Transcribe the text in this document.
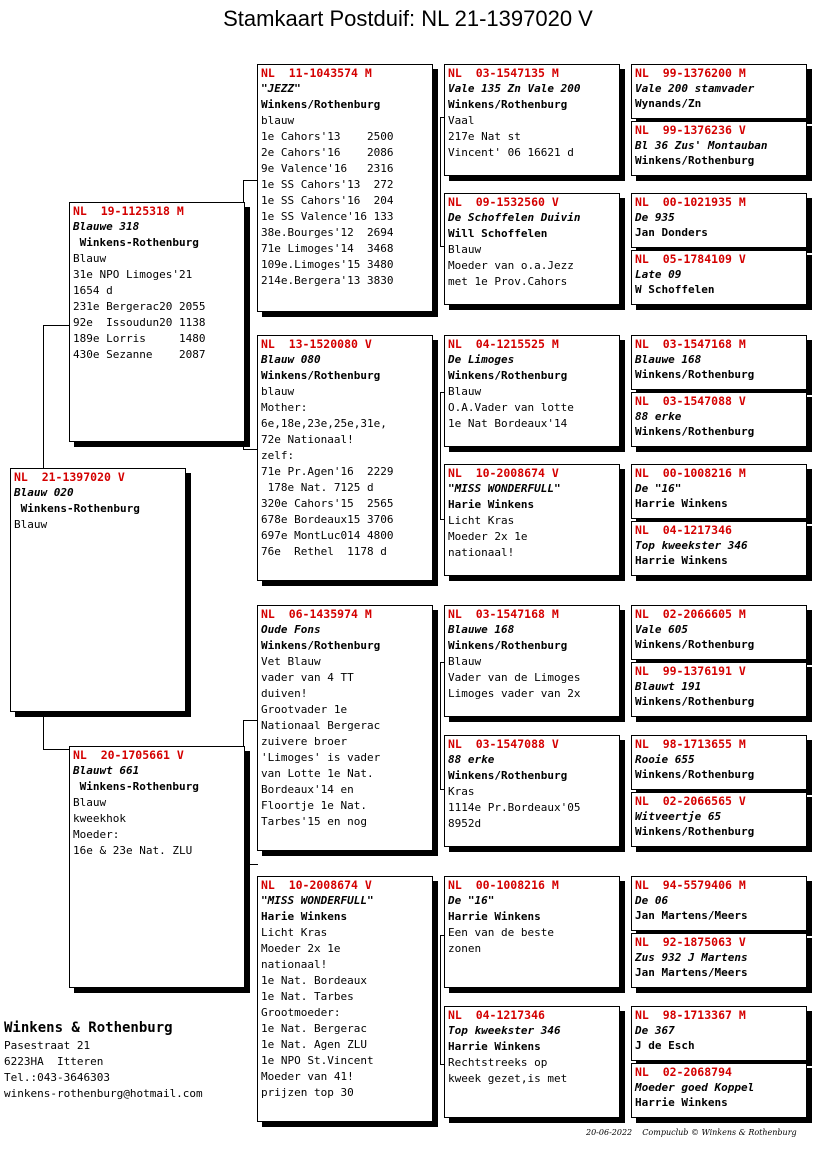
Stamkaart Postduif: NL 21-1397020 V
NL  21-1397020 V
Blauw 020
Winkens-Rothenburg
Blauw
NL  19-1125318 M
Blauwe 318
Winkens-Rothenburg
Blauw
31e NPO Limoges'21
1654 d
231e Bergerac20 2055
92e  Issoudun20 1138
189e Lorris     1480
430e Sezanne    2087
NL  20-1705661 V
Blauwt 661
Winkens-Rothenburg
Blauw
kweekhok
Moeder:
16e & 23e Nat. ZLU
NL  11-1043574 M
"JEZZ"
Winkens/Rothenburg
blauw
1e Cahors'13    2500
2e Cahors'16    2086
9e Valence'16   2316
1e SS Cahors'13  272
1e SS Cahors'16  204
1e SS Valence'16 133
38e.Bourges'12  2694
71e Limoges'14  3468
109e.Limoges'15 3480
214e.Bergera'13 3830
NL  13-1520080 V
Blauw 080
Winkens/Rothenburg
blauw
Mother:
6e,18e,23e,25e,31e,
72e Nationaal!
zelf:
71e Pr.Agen'16  2229
178e Nat. 7125 d
320e Cahors'15  2565
678e Bordeaux15 3706
697e MontLuc014 4800
76e  Rethel  1178 d
NL  06-1435974 M
Oude Fons
Winkens/Rothenburg
Vet Blauw
vader van 4 TT
duiven!
Grootvader 1e
Nationaal Bergerac
zuivere broer
'Limoges' is vader
van Lotte 1e Nat.
Bordeaux'14 en
Floortje 1e Nat.
Tarbes'15 en nog
NL  10-2008674 V
"MISS WONDERFULL"
Harie Winkens
Licht Kras
Moeder 2x 1e
nationaal!
1e Nat. Bordeaux
1e Nat. Tarbes
Grootmoeder:
1e Nat. Bergerac
1e Nat. Agen ZLU
1e NPO St.Vincent
Moeder van 41!
prijzen top 30
NL  03-1547135 M
Vale 135 Zn Vale 200
Winkens/Rothenburg
Vaal
217e Nat st
Vincent' 06 16621 d
NL  09-1532560 V
De Schoffelen Duivin
Will Schoffelen
Blauw
Moeder van o.a.Jezz
met 1e Prov.Cahors
NL  04-1215525 M
De Limoges
Winkens/Rothenburg
Blauw
O.A.Vader van lotte
1e Nat Bordeaux'14
NL  10-2008674 V
"MISS WONDERFULL"
Harie Winkens
Licht Kras
Moeder 2x 1e
nationaal!
NL  03-1547168 M
Blauwe 168
Winkens/Rothenburg
Blauw
Vader van de Limoges
Limoges vader van 2x
NL  03-1547088 V
88 erke
Winkens/Rothenburg
Kras
1114e Pr.Bordeaux'05
8952d
NL  00-1008216 M
De "16"
Harrie Winkens
Een van de beste
zonen
NL  04-1217346
Top kweekster 346
Harrie Winkens
Rechtstreeks op
kweek gezet,is met
NL  99-1376200 M
Vale 200 stamvader
Wynands/Zn
NL  99-1376236 V
Bl 36 Zus' Montauban
Winkens/Rothenburg
NL  00-1021935 M
De 935
Jan Donders
NL  05-1784109 V
Late 09
W Schoffelen
NL  03-1547168 M
Blauwe 168
Winkens/Rothenburg
NL  03-1547088 V
88 erke
Winkens/Rothenburg
NL  00-1008216 M
De "16"
Harrie Winkens
NL  04-1217346
Top kweekster 346
Harrie Winkens
NL  02-2066605 M
Vale 605
Winkens/Rothenburg
NL  99-1376191 V
Blauwt 191
Winkens/Rothenburg
NL  98-1713655 M
Rooie 655
Winkens/Rothenburg
NL  02-2066565 V
Witveertje 65
Winkens/Rothenburg
NL  94-5579406 M
De 06
Jan Martens/Meers
NL  92-1875063 V
Zus 932 J Martens
Jan Martens/Meers
NL  98-1713367 M
De 367
J de Esch
NL  02-2068794
Moeder goed Koppel
Harrie Winkens
Winkens & Rothenburg
Pasestraat 21
6223HA  Itteren
Tel.:043-3646303
winkens-rothenburg@hotmail.com
20-06-2022    Compuclub © Winkens & Rothenburg
